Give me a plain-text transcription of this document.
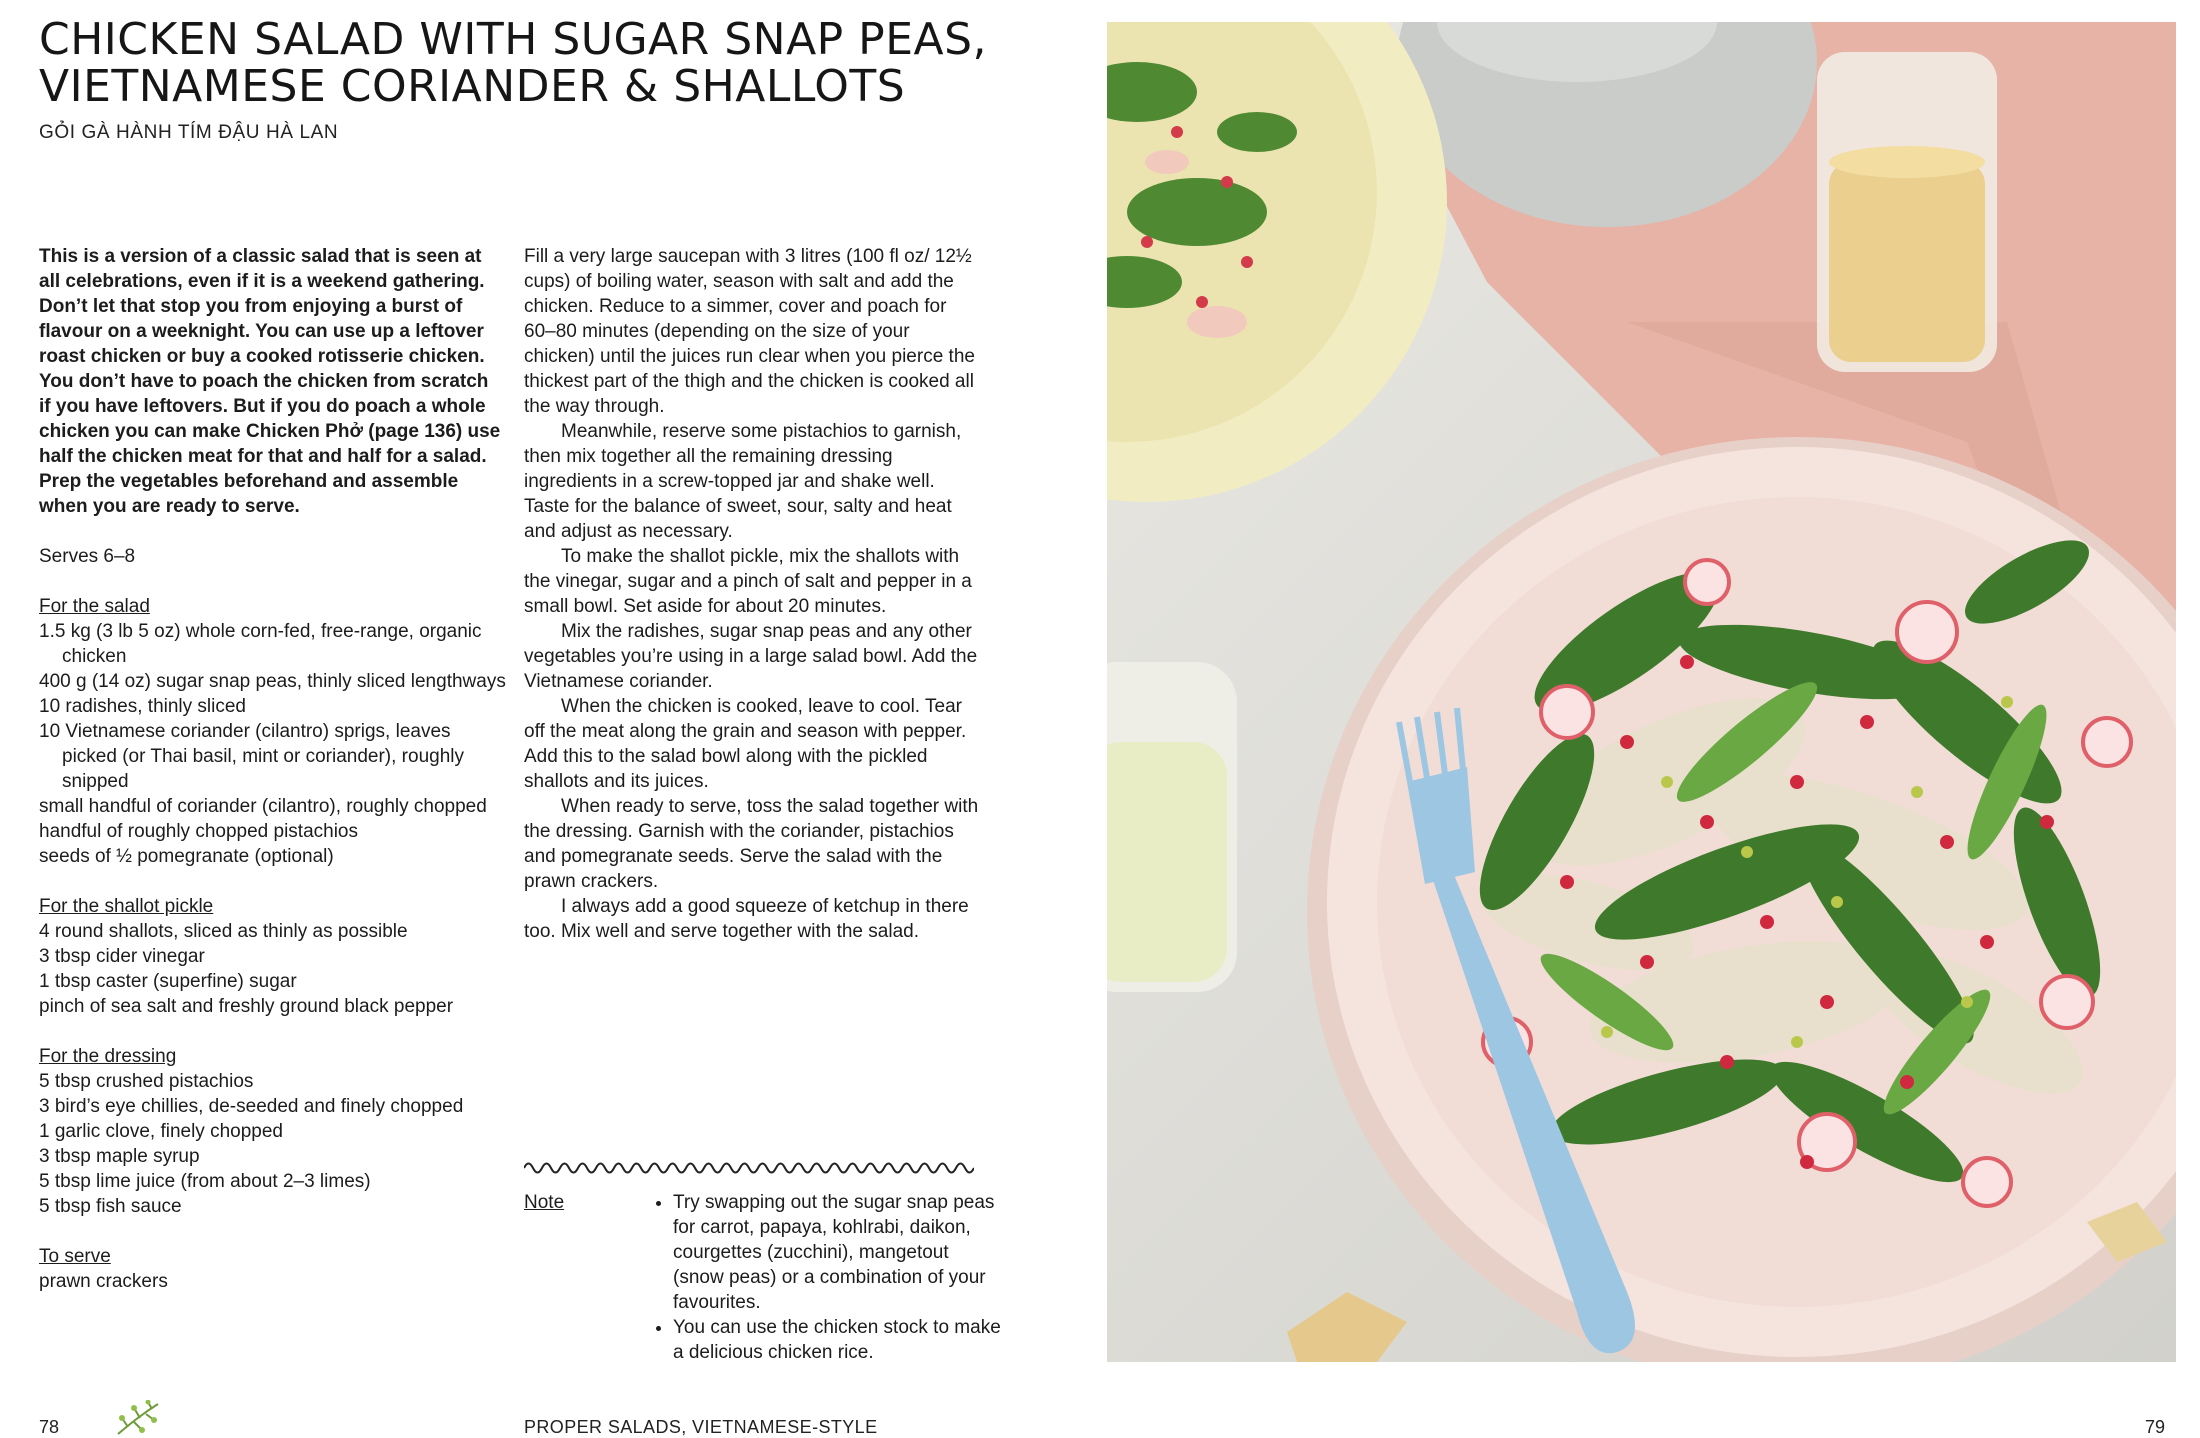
CHICKEN SALAD WITH SUGAR SNAP PEAS,
VIETNAMESE CORIANDER & SHALLOTS

GỎI GÀ HÀNH TÍM ĐẬU HÀ LAN

This is a version of a classic salad that is seen at
all celebrations, even if it is a weekend gathering.
Don’t let that stop you from enjoying a burst of
flavour on a weeknight. You can use up a leftover
roast chicken or buy a cooked rotisserie chicken.
You don’t have to poach the chicken from scratch
if you have leftovers. But if you do poach a whole
chicken you can make Chicken Phở (page 136) use
half the chicken meat for that and half for a salad.
Prep the vegetables beforehand and assemble
when you are ready to serve.

Serves 6–8

For the salad

1.5 kg (3 lb 5 oz) whole corn-fed, free-range, organic chicken

400 g (14 oz) sugar snap peas, thinly sliced lengthways

10 radishes, thinly sliced

10 Vietnamese coriander (cilantro) sprigs, leaves picked (or Thai basil, mint or coriander), roughly snipped

small handful of coriander (cilantro), roughly chopped

handful of roughly chopped pistachios

seeds of ½ pomegranate (optional)

For the shallot pickle

4 round shallots, sliced as thinly as possible

3 tbsp cider vinegar

1 tbsp caster (superfine) sugar

pinch of sea salt and freshly ground black pepper

For the dressing

5 tbsp crushed pistachios

3 bird’s eye chillies, de-seeded and finely chopped

1 garlic clove, finely chopped

3 tbsp maple syrup

5 tbsp lime juice (from about 2–3 limes)

5 tbsp fish sauce

To serve

prawn crackers

Fill a very large saucepan with 3 litres (100 fl oz/ 12½ cups) of boiling water, season with salt and add the chicken. Reduce to a simmer, cover and poach for 60–80 minutes (depending on the size of your chicken) until the juices run clear when you pierce the thickest part of the thigh and the chicken is cooked all the way through.

Meanwhile, reserve some pistachios to garnish, then mix together all the remaining dressing ingredients in a screw-topped jar and shake well. Taste for the balance of sweet, sour, salty and heat and adjust as necessary.

To make the shallot pickle, mix the shallots with the vinegar, sugar and a pinch of salt and pepper in a small bowl. Set aside for about 20 minutes.

Mix the radishes, sugar snap peas and any other vegetables you’re using in a large salad bowl. Add the Vietnamese coriander.

When the chicken is cooked, leave to cool. Tear off the meat along the grain and season with pepper. Add this to the salad bowl along with the pickled shallots and its juices.

When ready to serve, toss the salad together with the dressing. Garnish with the coriander, pistachios and pomegranate seeds. Serve the salad with the prawn crackers.

I always add a good squeeze of ketchup in there too. Mix well and serve together with the salad.

Note

•	Try swapping out the sugar snap peas for carrot, papaya, kohlrabi, daikon, courgettes (zucchini), mangetout (snow peas) or a combination of your favourites.
• You can use the chicken stock to make a delicious chicken rice.

78	PROPER SALADS, VIETNAMESE-STYLE	79
